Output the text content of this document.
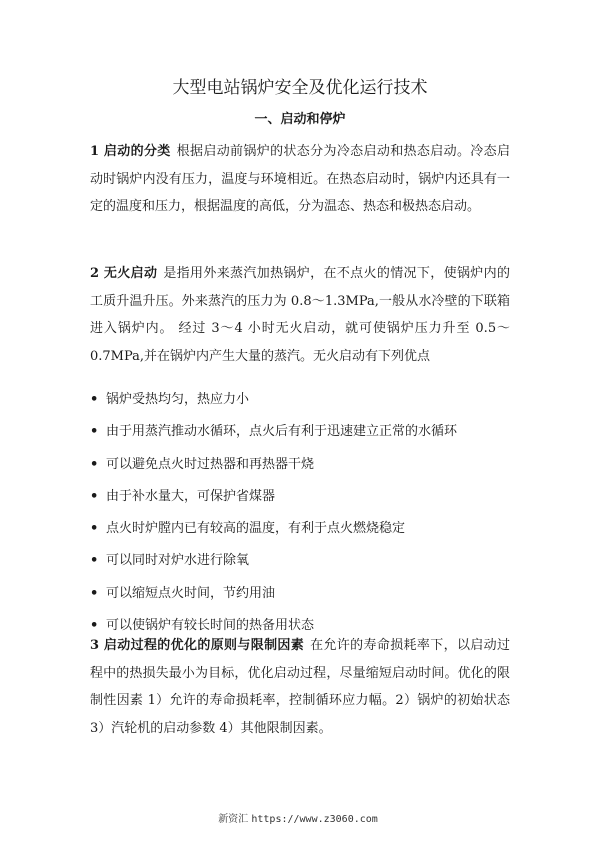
大型电站锅炉安全及优化运行技术
一、启动和停炉
1 启动的分类 根据启动前锅炉的状态分为冷态启动和热态启动。冷态启动时锅炉内没有压力，温度与环境相近。在热态启动时，锅炉内还具有一定的温度和压力，根据温度的高低，分为温态、热态和极热态启动。
2 无火启动 是指用外来蒸汽加热锅炉，在不点火的情况下，使锅炉内的工质升温升压。外来蒸汽的压力为 0.8～1.3MPa,一般从水冷壁的下联箱进入锅炉内。 经过 3～4 小时无火启动，就可使锅炉压力升至 0.5～ 0.7MPa,并在锅炉内产生大量的蒸汽。无火启动有下列优点
• 锅炉受热均匀，热应力小
• 由于用蒸汽推动水循环，点火后有利于迅速建立正常的水循环
• 可以避免点火时过热器和再热器干烧
• 由于补水量大，可保护省煤器
• 点火时炉膛内已有较高的温度，有利于点火燃烧稳定
• 可以同时对炉水进行除氧
• 可以缩短点火时间，节约用油
• 可以使锅炉有较长时间的热备用状态
3 启动过程的优化的原则与限制因素 在允许的寿命损耗率下，以启动过程中的热损失最小为目标，优化启动过程，尽量缩短启动时间。优化的限制性因素 1）允许的寿命损耗率，控制循环应力幅。2）锅炉的初始状态 3）汽轮机的启动参数 4）其他限制因素。
新资汇 https://www.z3060.com
